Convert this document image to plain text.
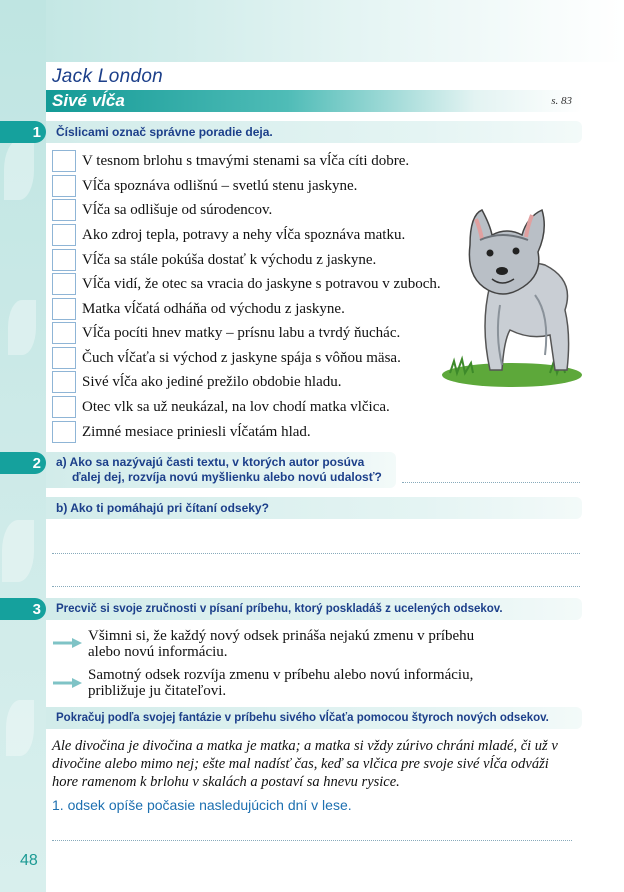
Jack London
Sivé vĺča	s. 83
1	Číslicami označ správne poradie deja.
V tesnom brlohu s tmavými stenami sa vĺča cíti dobre.
Vĺča spoznáva odlišnú – svetlú stenu jaskyne.
Vĺča sa odlišuje od súrodencov.
Ako zdroj tepla, potravy a nehy vĺča spoznáva matku.
Vĺča sa stále pokúša dostať k východu z jaskyne.
Vĺča vidí, že otec sa vracia do jaskyne s potravou v zuboch.
Matka vĺčatá odháňa od východu z jaskyne.
Vĺča pocíti hnev matky – prísnu labu a tvrdý ňuchác.
Čuch vĺčaťa si východ z jaskyne spája s vôňou mäsa.
Sivé vĺča ako jediné prežilo obdobie hladu.
Otec vlk sa už neukázal, na lov chodí matka vlčica.
Zimné mesiace priniesli vĺčatám hlad.
2	a) Ako sa nazývajú časti textu, v ktorých autor posúva
ďalej dej, rozvíja novú myšlienku alebo novú udalosť?
b) Ako ti pomáhajú pri čítaní odseky?
3	Precvič si svoje zručnosti v písaní príbehu, ktorý poskladáš z ucelených odsekov.
Všimni si, že každý nový odsek prináša nejakú zmenu v príbehu
alebo novú informáciu.
Samotný odsek rozvíja zmenu v príbehu alebo novú informáciu,
približuje ju čitateľovi.
Pokračuj podľa svojej fantázie v príbehu sivého vĺčaťa pomocou štyroch nových odsekov.
Ale divočina je divočina a matka je matka; a matka si vždy zúrivo chráni mladé, či už v divočine alebo mimo nej; ešte mal nadísť čas, keď sa vlčica pre svoje sivé vĺča odváži hore ramenom k brlohu v skalách a postaví sa hnevu rysice.
1. odsek opíše počasie nasledujúcich dní v lese.
48
